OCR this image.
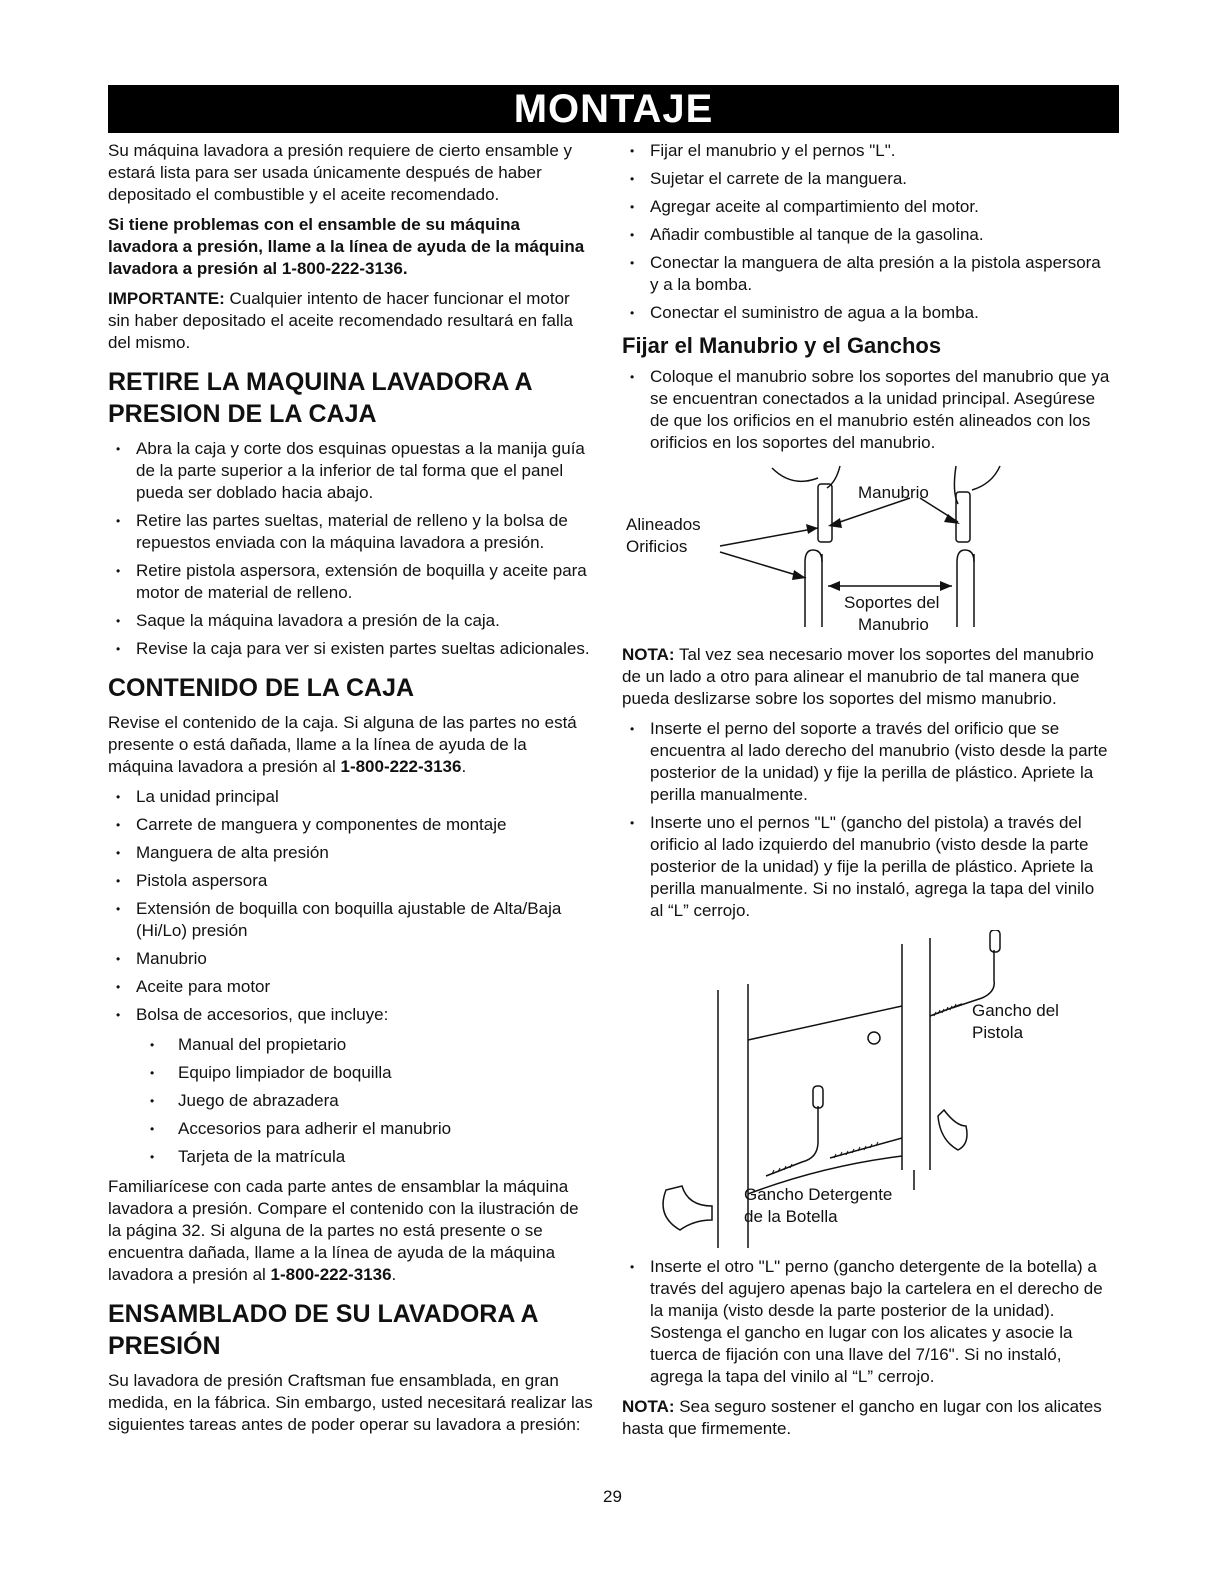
MONTAJE

Su máquina lavadora a presión requiere de cierto ensamble y estará lista para ser usada únicamente después de haber depositado el combustible y el aceite recomendado.

Si tiene problemas con el ensamble de su máquina lavadora a presión, llame a la línea de ayuda de la máquina lavadora a presión al 1-800-222-3136.

IMPORTANTE: Cualquier intento de hacer funcionar el motor sin haber depositado el aceite recomendado resultará en falla del mismo.

RETIRE LA MAQUINA LAVADORA A PRESION DE LA CAJA
• Abra la caja y corte dos esquinas opuestas a la manija guía de la parte superior a la inferior de tal forma que el panel pueda ser doblado hacia abajo.
• Retire las partes sueltas, material de relleno y la bolsa de repuestos enviada con la máquina lavadora a presión.
• Retire pistola aspersora, extensión de boquilla y aceite para motor de material de relleno.
• Saque la máquina lavadora a presión de la caja.
• Revise la caja para ver si existen partes sueltas adicionales.
CONTENIDO DE LA CAJA

Revise el contenido de la caja. Si alguna de las partes no está presente o está dañada, llame a la línea de ayuda de la máquina lavadora a presión al 1-800-222-3136.

• La unidad principal
• Carrete de manguera y componentes de montaje
• Manguera de alta presión
• Pistola aspersora
• Extensión de boquilla con boquilla ajustable de Alta/Baja (Hi/Lo) presión
• Manubrio
• Aceite para motor
• Bolsa de accesorios, que incluye:
• Manual del propietario
• Equipo limpiador de boquilla
• Juego de abrazadera
• Accesorios para adherir el manubrio
• Tarjeta de la matrícula

Familiarícese con cada parte antes de ensamblar la máquina lavadora a presión. Compare el contenido con la ilustración de la página 32. Si alguna de la partes no está presente o se encuentra dañada, llame a la línea de ayuda de la máquina lavadora a presión al 1-800-222-3136.

ENSAMBLADO DE SU LAVADORA A PRESIÓN

Su lavadora de presión Craftsman fue ensamblada, en gran medida, en la fábrica. Sin embargo, usted necesitará realizar las siguientes tareas antes de poder operar su lavadora a presión:

• Fijar el manubrio y el pernos "L".
• Sujetar el carrete de la manguera.
• Agregar aceite al compartimiento del motor.
• Añadir combustible al tanque de la gasolina.
• Conectar la manguera de alta presión a la pistola aspersora y a la bomba.
• Conectar el suministro de agua a la bomba.
Fijar el Manubrio y el Ganchos
• Coloque el manubrio sobre los soportes del manubrio que ya se encuentran conectados a la unidad principal. Asegúrese de que los orificios en el manubrio estén alineados con los orificios en los soportes del manubrio.
Manubrio
Alineados
Orificios
Soportes del
Manubrio

NOTA: Tal vez sea necesario mover los soportes del manubrio de un lado a otro para alinear el manubrio de tal manera que pueda deslizarse sobre los soportes del mismo manubrio.

• Inserte el perno del soporte a través del orificio que se encuentra al lado derecho del manubrio (visto desde la parte posterior de la unidad) y fije la perilla de plástico. Apriete la perilla manualmente.
• Inserte uno el pernos "L" (gancho del pistola) a través del orificio al lado izquierdo del manubrio (visto desde la parte posterior de la unidad) y fije la perilla de plástico. Apriete la perilla manualmente. Si no instaló, agrega la tapa del vinilo al “L” cerrojo.
Gancho del
Pistola
Gancho Detergente
de la Botella
• Inserte el otro "L" perno (gancho detergente de la botella) a través del agujero apenas bajo la cartelera en el derecho de la manija (visto desde la parte posterior de la unidad). Sostenga el gancho en lugar con los alicates y asocie la tuerca de fijación con una llave del 7/16". Si no instaló, agrega la tapa del vinilo al “L” cerrojo.

NOTA: Sea seguro sostener el gancho en lugar con los alicates hasta que firmemente.

29
